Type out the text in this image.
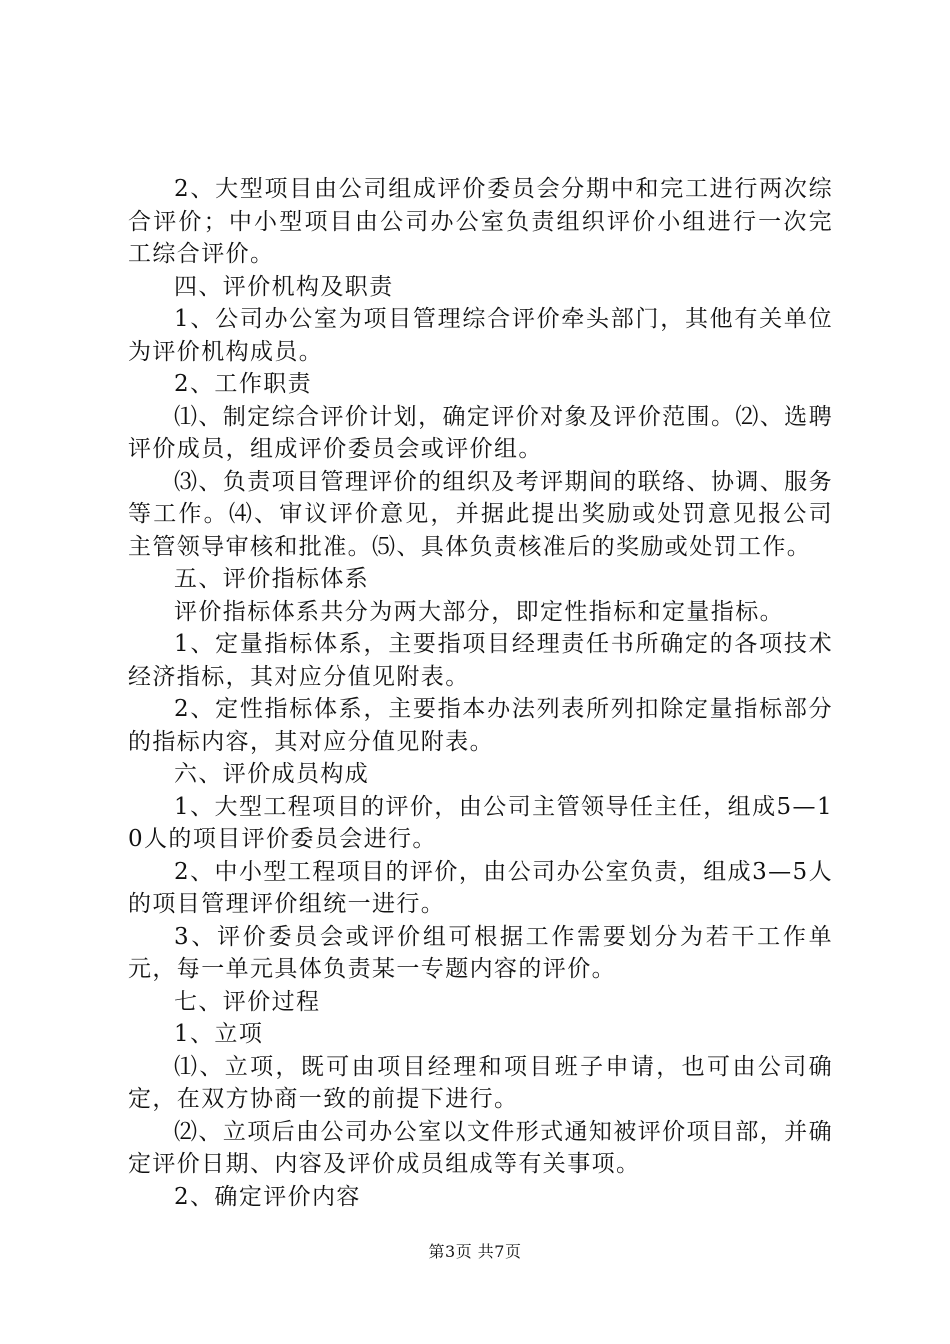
2、大型项目由公司组成评价委员会分期中和完工进行两次综合评价；中小型项目由公司办公室负责组织评价小组进行一次完工综合评价。

四、评价机构及职责

1、公司办公室为项目管理综合评价牵头部门，其他有关单位为评价机构成员。

2、工作职责

⑴、制定综合评价计划，确定评价对象及评价范围。⑵、选聘评价成员，组成评价委员会或评价组。

⑶、负责项目管理评价的组织及考评期间的联络、协调、服务等工作。⑷、审议评价意见，并据此提出奖励或处罚意见报公司主管领导审核和批准。⑸、具体负责核准后的奖励或处罚工作。

五、评价指标体系

评价指标体系共分为两大部分，即定性指标和定量指标。

1、定量指标体系，主要指项目经理责任书所确定的各项技术经济指标，其对应分值见附表。

2、定性指标体系，主要指本办法列表所列扣除定量指标部分的指标内容，其对应分值见附表。

六、评价成员构成

1、大型工程项目的评价，由公司主管领导任主任，组成5—10人的项目评价委员会进行。

2、中小型工程项目的评价，由公司办公室负责，组成3—5人的项目管理评价组统一进行。

3、评价委员会或评价组可根据工作需要划分为若干工作单元，每一单元具体负责某一专题内容的评价。

七、评价过程

1、立项

⑴、立项，既可由项目经理和项目班子申请，也可由公司确定，在双方协商一致的前提下进行。

⑵、立项后由公司办公室以文件形式通知被评价项目部，并确定评价日期、内容及评价成员组成等有关事项。

2、确定评价内容

第3页 共7页
